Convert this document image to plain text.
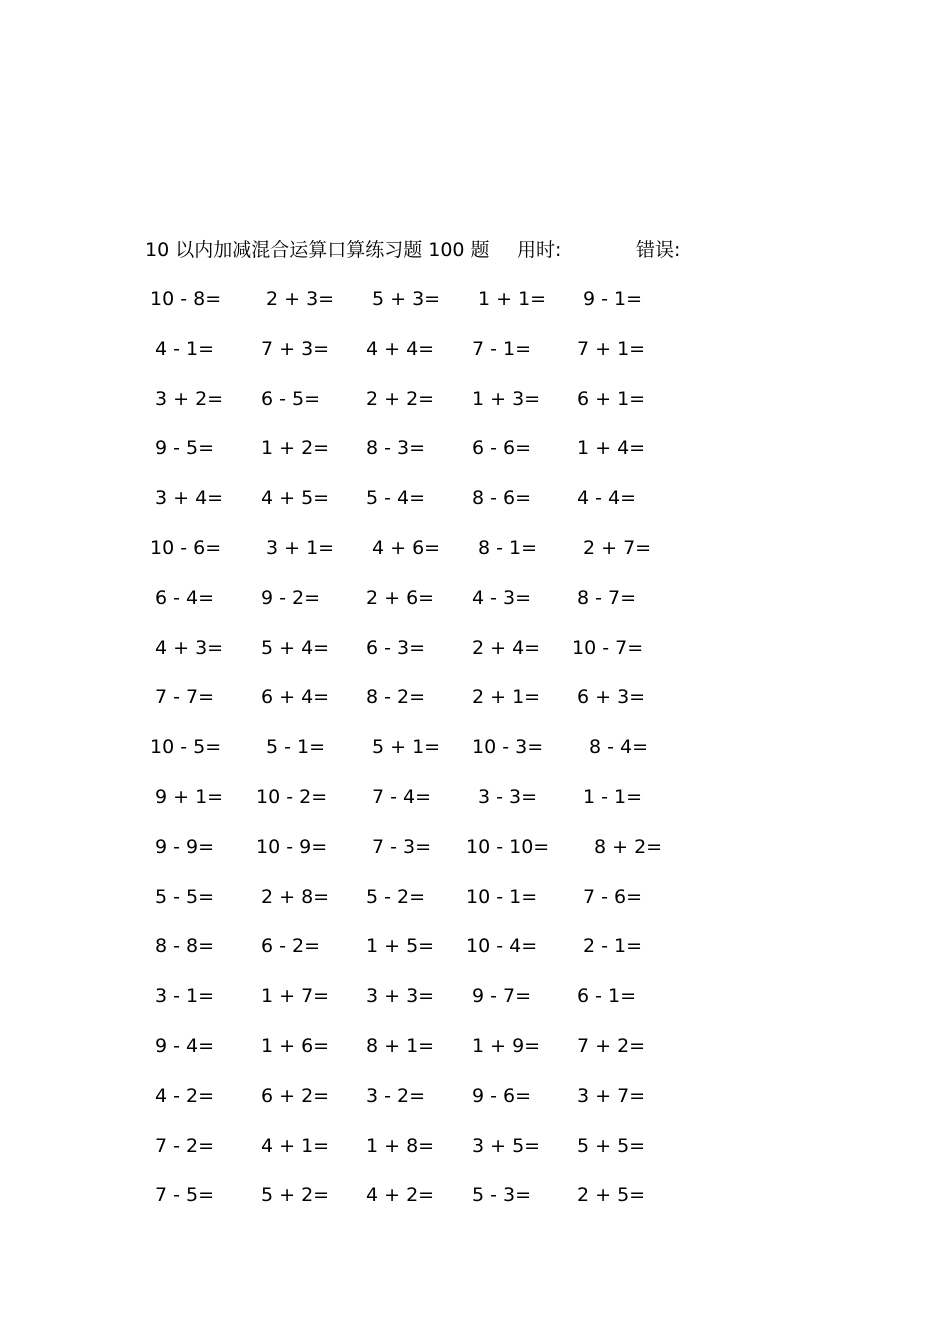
10 以内加减混合运算口算练习题 100 题 用时:	错误:
10 - 8= 2 + 3= 5 + 3= 1 + 1= 9 - 1=
4 - 1= 7 + 3= 4 + 4= 7 - 1= 7 + 1=
3 + 2= 6 - 5= 2 + 2= 1 + 3= 6 + 1=
9 - 5= 1 + 2= 8 - 3= 6 - 6= 1 + 4=
3 + 4= 4 + 5= 5 - 4= 8 - 6= 4 - 4=
10 - 6= 3 + 1= 4 + 6= 8 - 1= 2 + 7=
6 - 4= 9 - 2= 2 + 6= 4 - 3= 8 - 7=
4 + 3= 5 + 4= 6 - 3= 2 + 4= 10 - 7=
7 - 7= 6 + 4= 8 - 2= 2 + 1= 6 + 3=
10 - 5= 5 - 1= 5 + 1= 10 - 3= 8 - 4=
9 + 1= 10 - 2= 7 - 4= 3 - 3= 1 - 1=
9 - 9= 10 - 9= 7 - 3= 10 - 10= 8 + 2=
5 - 5= 2 + 8= 5 - 2= 10 - 1= 7 - 6=
8 - 8= 6 - 2= 1 + 5= 10 - 4= 2 - 1=
3 - 1= 1 + 7= 3 + 3= 9 - 7= 6 - 1=
9 - 4= 1 + 6= 8 + 1= 1 + 9= 7 + 2=
4 - 2= 6 + 2= 3 - 2= 9 - 6= 3 + 7=
7 - 2= 4 + 1= 1 + 8= 3 + 5= 5 + 5=
7 - 5= 5 + 2= 4 + 2= 5 - 3= 2 + 5=
